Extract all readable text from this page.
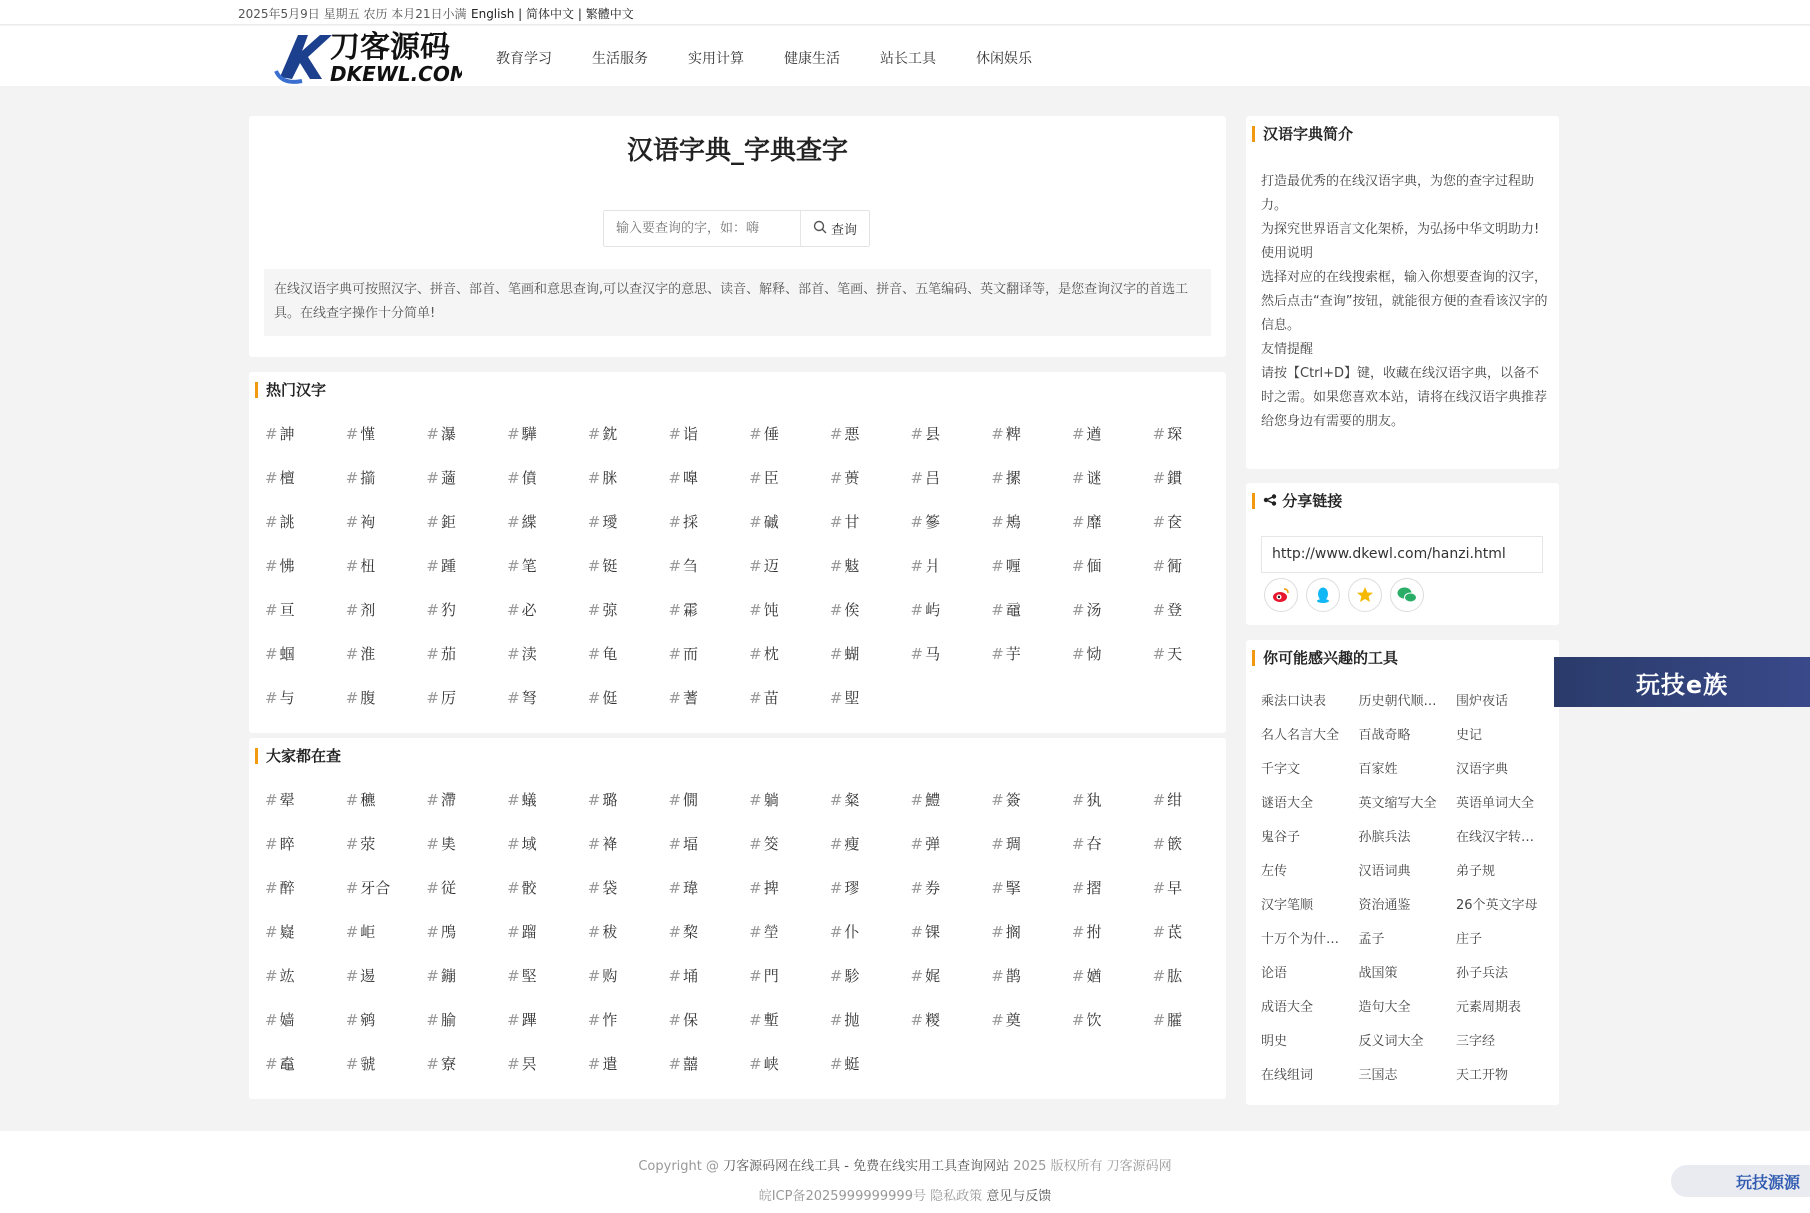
2025年5月9日 星期五 农历 本月21日小满 English | 简体中文 | 繁體中文
刀客源码
DKEWL.COM
教育学习	生活服务	实用计算	健康生活	站长工具	休闲娱乐
汉语字典_字典查字
输入要查询的字，如：嗨
查询
在线汉语字典可按照汉字、拼音、部首、笔画和意思查询,可以查汉字的意思、读音、解释、部首、笔画、拼音、五笔编码、英文翻译等，是您查询汉字的首选工具。在线查字操作十分简单!
热门汉字
# 訷	# 慬	# 瀑	# 驊	# 鈂	# 诣	# 倕	# 悪	# 县	# 粺	# 遒	# 琛
# 檀	# 擶	# 藡	# 僨	# 脒	# 嘷	# 臣	# 蒉	# 吕	# 摞	# 谜	# 鏆
# 誂	# 袧	# 鉅	# 緤	# 璦	# 採	# 磩	# 甘	# 篸	# 鴂	# 靡	# 奁
# 怫	# 杻	# 踵	# 笔	# 铤	# 刍	# 迈	# 鬾	# 爿	# 喱	# 偭	# 衕
# 亘	# 剂	# 犳	# 必	# 弶	# 霦	# 饨	# 俟	# 屿	# 黿	# 汤	# 登
# 蝈	# 淮	# 茄	# 渎	# 龟	# 而	# 枕	# 蝴	# 马	# 芋	# 恸	# 天
# 与	# 腹	# 厉	# 弩	# 侹	# 蓍	# 苗	# 堲
大家都在查
# 翚	# 穮	# 滯	# 蟻	# 璐	# 僩	# 躺	# 粲	# 鱧	# 簽	# 犱	# 绀
# 睟	# 荥	# 奊	# 域	# 袶	# 堛	# 筊	# 瘦	# 弹	# 琱	# 夻	# 篏
# 醉	# 牙合	# 従	# 骹	# 袋	# 瑋	# 捭	# 璆	# 券	# 掔	# 摺	# 早
# 嶷	# 岠	# 鳲	# 蹓	# 秡	# 棃	# 塋	# 仆	# 锞	# 搁	# 拊	# 茋
# 竑	# 逷	# 鏰	# 堅	# 购	# 埇	# 門	# 駗	# 娓	# 鹊	# 媨	# 肱
# 嫱	# 鹓	# 腧	# 蹕	# 怍	# 保	# 塹	# 抛	# 糉	# 奠	# 饮	# 臛
# 鼁	# 虢	# 寮	# 昗	# 遣	# 囍	# 峡	# 蜓
汉语字典简介

打造最优秀的在线汉语字典，为您的查字过程助力。

为探究世界语言文化架桥，为弘扬中华文明助力!

使用说明

选择对应的在线搜索框，输入你想要查询的汉字，然后点击“查询”按钮，就能很方便的查看该汉字的信息。

友情提醒

请按【Ctrl+D】键，收藏在线汉语字典，以备不时之需。如果您喜欢本站，请将在线汉语字典推荐给您身边有需要的朋友。

分享链接
http://www.dkewl.com/hanzi.html
你可能感兴趣的工具
乘法口诀表	历史朝代顺…	围炉夜话
名人名言大全	百战奇略	史记
千字文	百家姓	汉语字典
谜语大全	英文缩写大全	英语单词大全
鬼谷子	孙膑兵法	在线汉字转…
左传	汉语词典	弟子规
汉字笔顺	资治通鉴	26个英文字母
十万个为什…	孟子	庄子
论语	战国策	孙子兵法
成语大全	造句大全	元素周期表
明史	反义词大全	三字经
在线组词	三国志	天工开物
玩技e族
Copyright @ 刀客源码网在线工具 - 免费在线实用工具查询网站 2025 版权所有 刀客源码网
皖ICP备2025999999999号 隐私政策 意见与反馈
玩技源源
